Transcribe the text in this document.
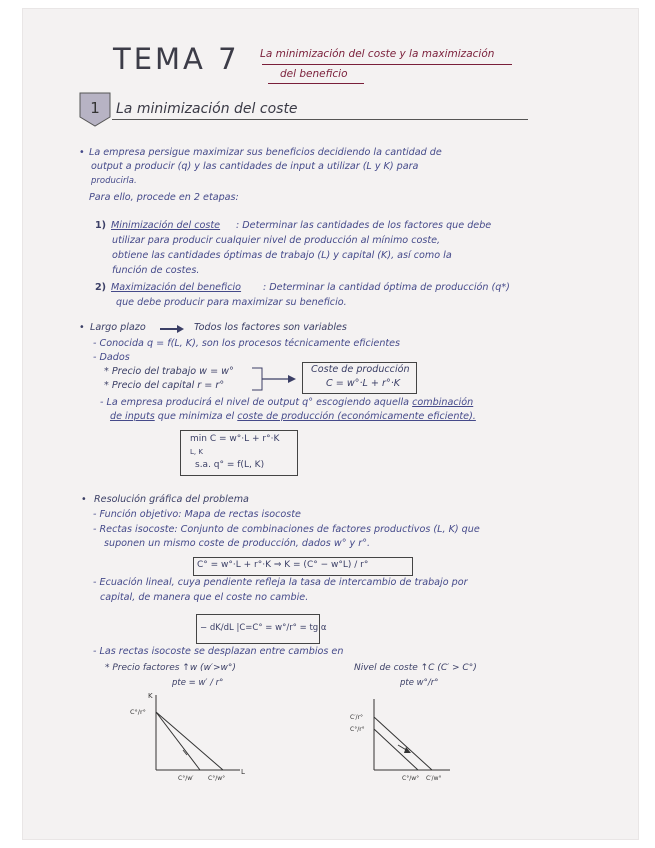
TEMA 7 La minimización del coste y la maximización
del beneficio
1 La minimización del coste
• La empresa persigue maximizar sus beneficios decidiendo la cantidad de
output a producir (q) y las cantidades de input a utilizar (L y K) para
producirla.
Para ello, procede en 2 etapas:
1) Minimización del coste : Determinar las cantidades de los factores que debe
utilizar para producir cualquier nivel de producción al mínimo coste,
obtiene las cantidades óptimas de trabajo (L) y capital (K), así como la
función de costes.
2) Maximización del beneficio : Determinar la cantidad óptima de producción (q*)
que debe producir para maximizar su beneficio.
• Largo plazo	Todos los factores son variables
- Conocida q = f(L, K), son los procesos técnicamente eficientes
- Dados
* Precio del trabajo w = w°
* Precio del capital r = r°
Coste de producción
C = w°·L + r°·K
- La empresa producirá el nivel de output q° escogiendo aquella combinación
de inputs que minimiza el coste de producción (económicamente eficiente).
min C = w°·L + r°·K
L, K
s.a. q° = f(L, K)
• Resolución gráfica del problema
- Función objetivo: Mapa de rectas isocoste
- Rectas isocoste: Conjunto de combinaciones de factores productivos (L, K) que
suponen un mismo coste de producción, dados w° y r°.
C° = w°·L + r°·K ⇒ K = (C° − w°L) / r°
- Ecuación lineal, cuya pendiente refleja la tasa de intercambio de trabajo por
capital, de manera que el coste no cambie.
− dK/dL |C=C° = w°/r° = tg α
- Las rectas isocoste se desplazan entre cambios en
* Precio factores ↑w (w′>w°)
pte = w′ / r°
Nivel de coste ↑C (C′ > C°)
pte w°/r°
K
L
C°/r°
C°/w′ C°/w°
C′/r°
C°/r°
C°/w° C′/w°
